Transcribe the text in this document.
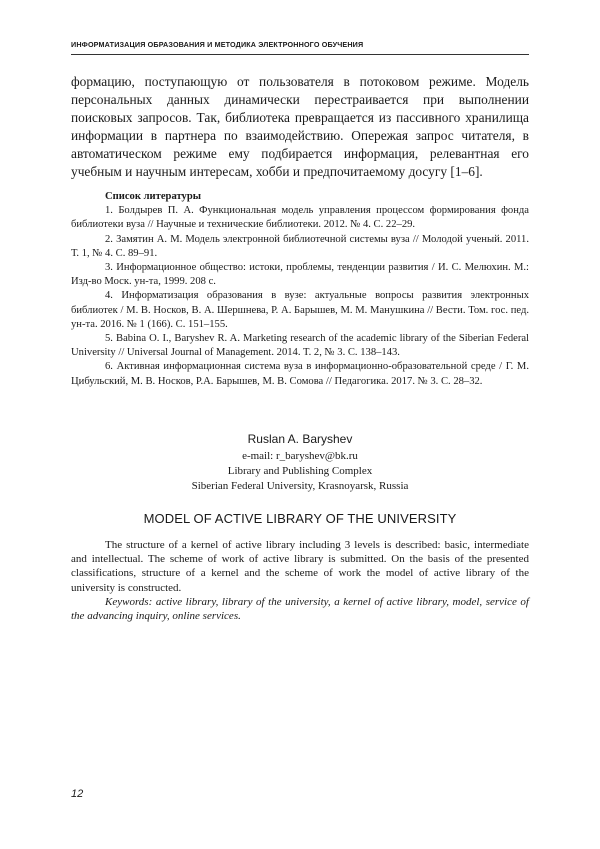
ИНФОРМАТИЗАЦИЯ ОБРАЗОВАНИЯ И МЕТОДИКА ЭЛЕКТРОННОГО ОБУЧЕНИЯ

формацию, поступающую от пользователя в потоковом режиме. Модель персональных данных динамически перестраивается при выполнении поисковых запросов. Так, библиотека превращается из пассивного хранилища информации в партнера по взаимодействию. Опережая запрос читателя, в автоматическом режиме ему подбирается информация, релевантная его учебным и научным интересам, хобби и предпочитаемому досугу [1–6].

Список литературы

1. Болдырев П. А. Функциональная модель управления процессом формирования фонда библиотеки вуза // Научные и технические библиотеки. 2012. № 4. С. 22–29.

2. Замятин А. М. Модель электронной библиотечной системы вуза // Молодой ученый. 2011. Т. 1, № 4. С. 89–91.

3. Информационное общество: истоки, проблемы, тенденции развития / И. С. Мелюхин. М.: Изд-во Моск. ун-та, 1999. 208 с.

4. Информатизация образования в вузе: актуальные вопросы развития электронных библиотек / М. В. Носков, В. А. Шершнева, Р. А. Барышев, М. М. Манушкина // Вести. Том. гос. пед. ун-та. 2016. № 1 (166). С. 151–155.

5. Babina O. I., Baryshev R. A. Marketing research of the academic library of the Siberian Federal University // Universal Journal of Management. 2014. T. 2, № 3. С. 138–143.

6. Активная информационная система вуза в информационно-образовательной среде / Г. М. Цибульский, М. В. Носков, Р.А. Барышев, М. В. Сомова // Педагогика. 2017. № 3. С. 28–32.

Ruslan A. Baryshev

e-mail: r_baryshev@bk.ru

Library and Publishing Complex

Siberian Federal University, Krasnoyarsk, Russia

MODEL OF ACTIVE LIBRARY OF THE UNIVERSITY

The structure of a kernel of active library including 3 levels is described: basic, intermediate and intellectual. The scheme of work of active library is submitted. On the basis of the presented classifications, structure of a kernel and the scheme of work the model of active library of the university is constructed.

Keywords: active library, library of the university, a kernel of active library, model, service of the advancing inquiry, online services.

12
